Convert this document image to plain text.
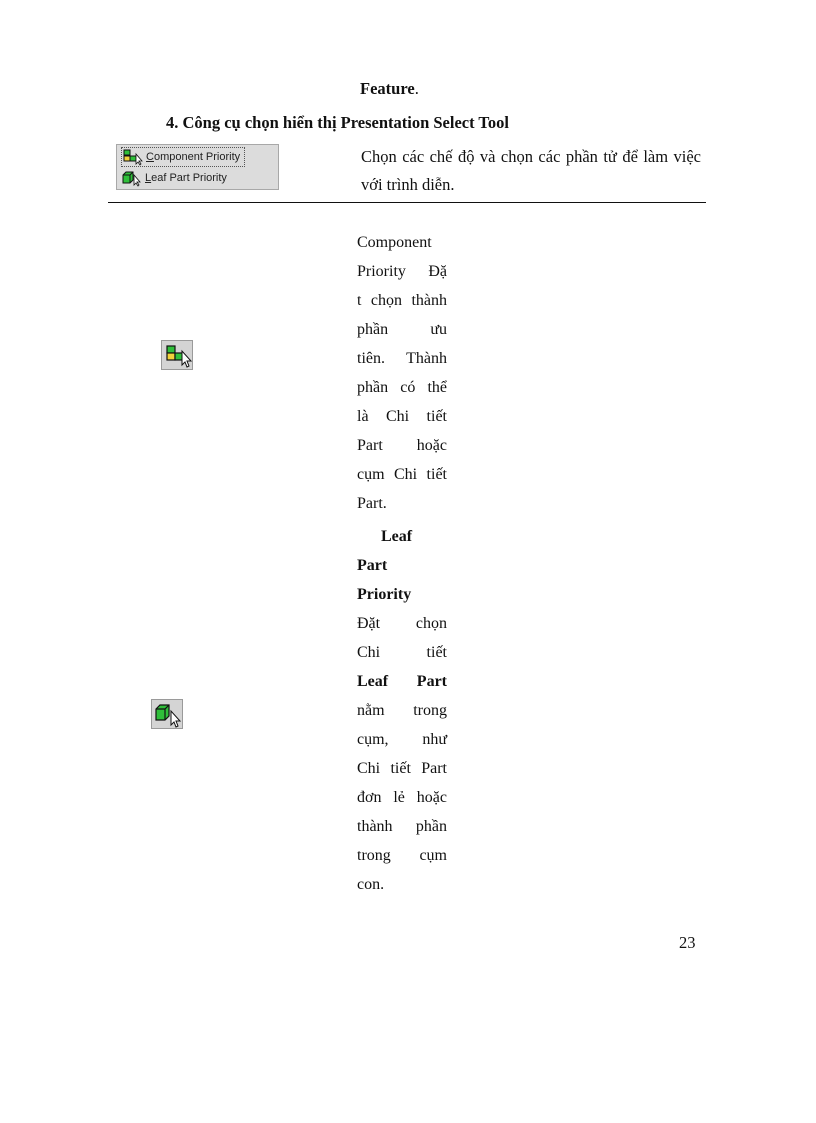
Feature.
4. Công cụ chọn hiển thị Presentation Select Tool
Component Priority
Leaf Part Priority
Chọn các chế độ và chọn các phần tử để làm việc với trình diễn.
Component
Priority Đặ
t chọn thành
phần ưu
tiên. Thành
phần có thể
là Chi tiết
Part hoặc
cụm Chi tiết
Part.
Leaf
Part
Priority
Đặt chọn
Chi tiết
Leaf Part
nằm trong
cụm, như
Chi tiết Part
đơn lẻ hoặc
thành phần
trong cụm
con.
23
